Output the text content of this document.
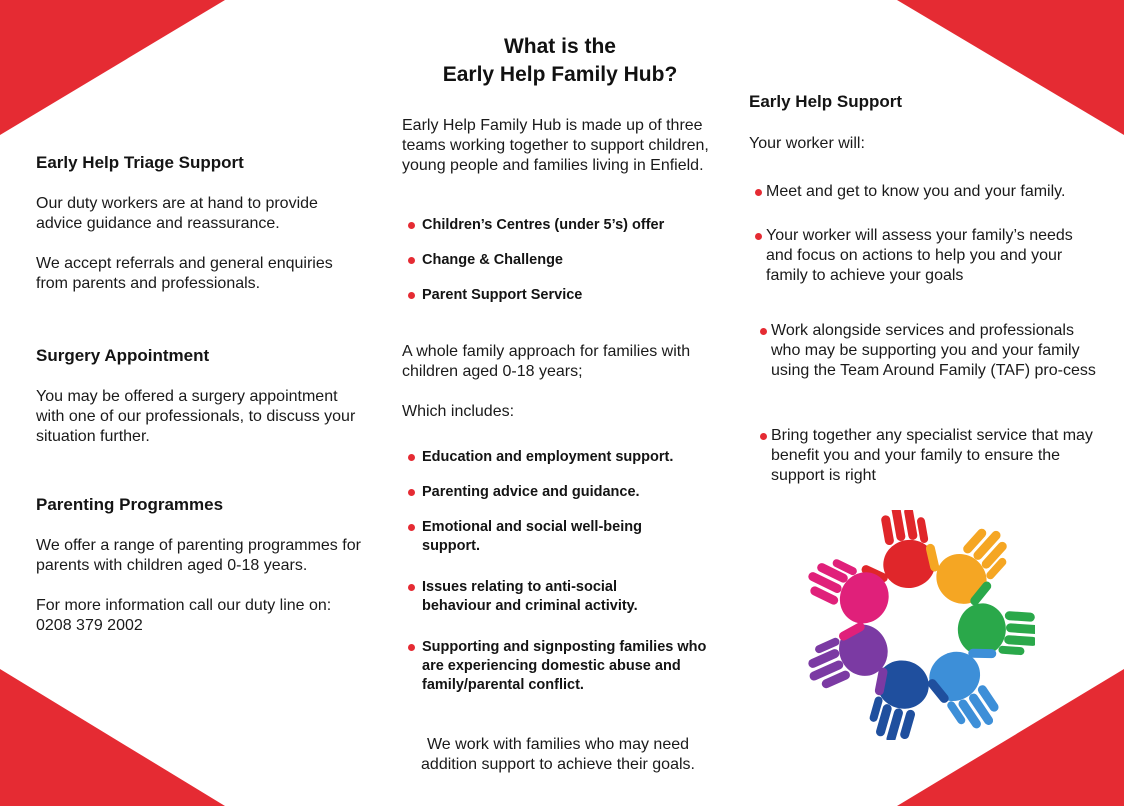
Early Help Triage Support

Our duty workers are at hand to provide advice guidance and reassurance.

We accept referrals and general enquiries from parents and professionals.

Surgery Appointment

You may be offered a surgery appointment with one of our professionals, to discuss your situation further.

Parenting Programmes

We offer a range of parenting programmes for parents with children aged 0-18 years.

For more information call our duty line on:

0208 379 2002

What is the

Early Help Family Hub?

Early Help Family Hub is made up of three teams working together to support children, young people and families living in Enfield.

Children’s Centres (under 5’s) offer
Change & Challenge
Parent Support Service

A whole family approach for families with children aged 0-18 years;

Which includes:

Education and employment support.
Parenting advice and guidance.
Emotional and social well-being support.
Issues relating to anti-social behaviour and criminal activity.
Supporting and signposting families who are experiencing domestic abuse and family/parental conflict.

We work with families who may need addition support to achieve their goals.

Early Help Support

Your worker will:

Meet and get to know you and your family.
Your worker will assess your family’s needs and focus on actions to help you and your family to achieve your goals
Work alongside services and professionals who may be supporting you and your family using the Team Around Family (TAF) pro-cess
Bring together any specialist service that may benefit you and your family to ensure the support is right
